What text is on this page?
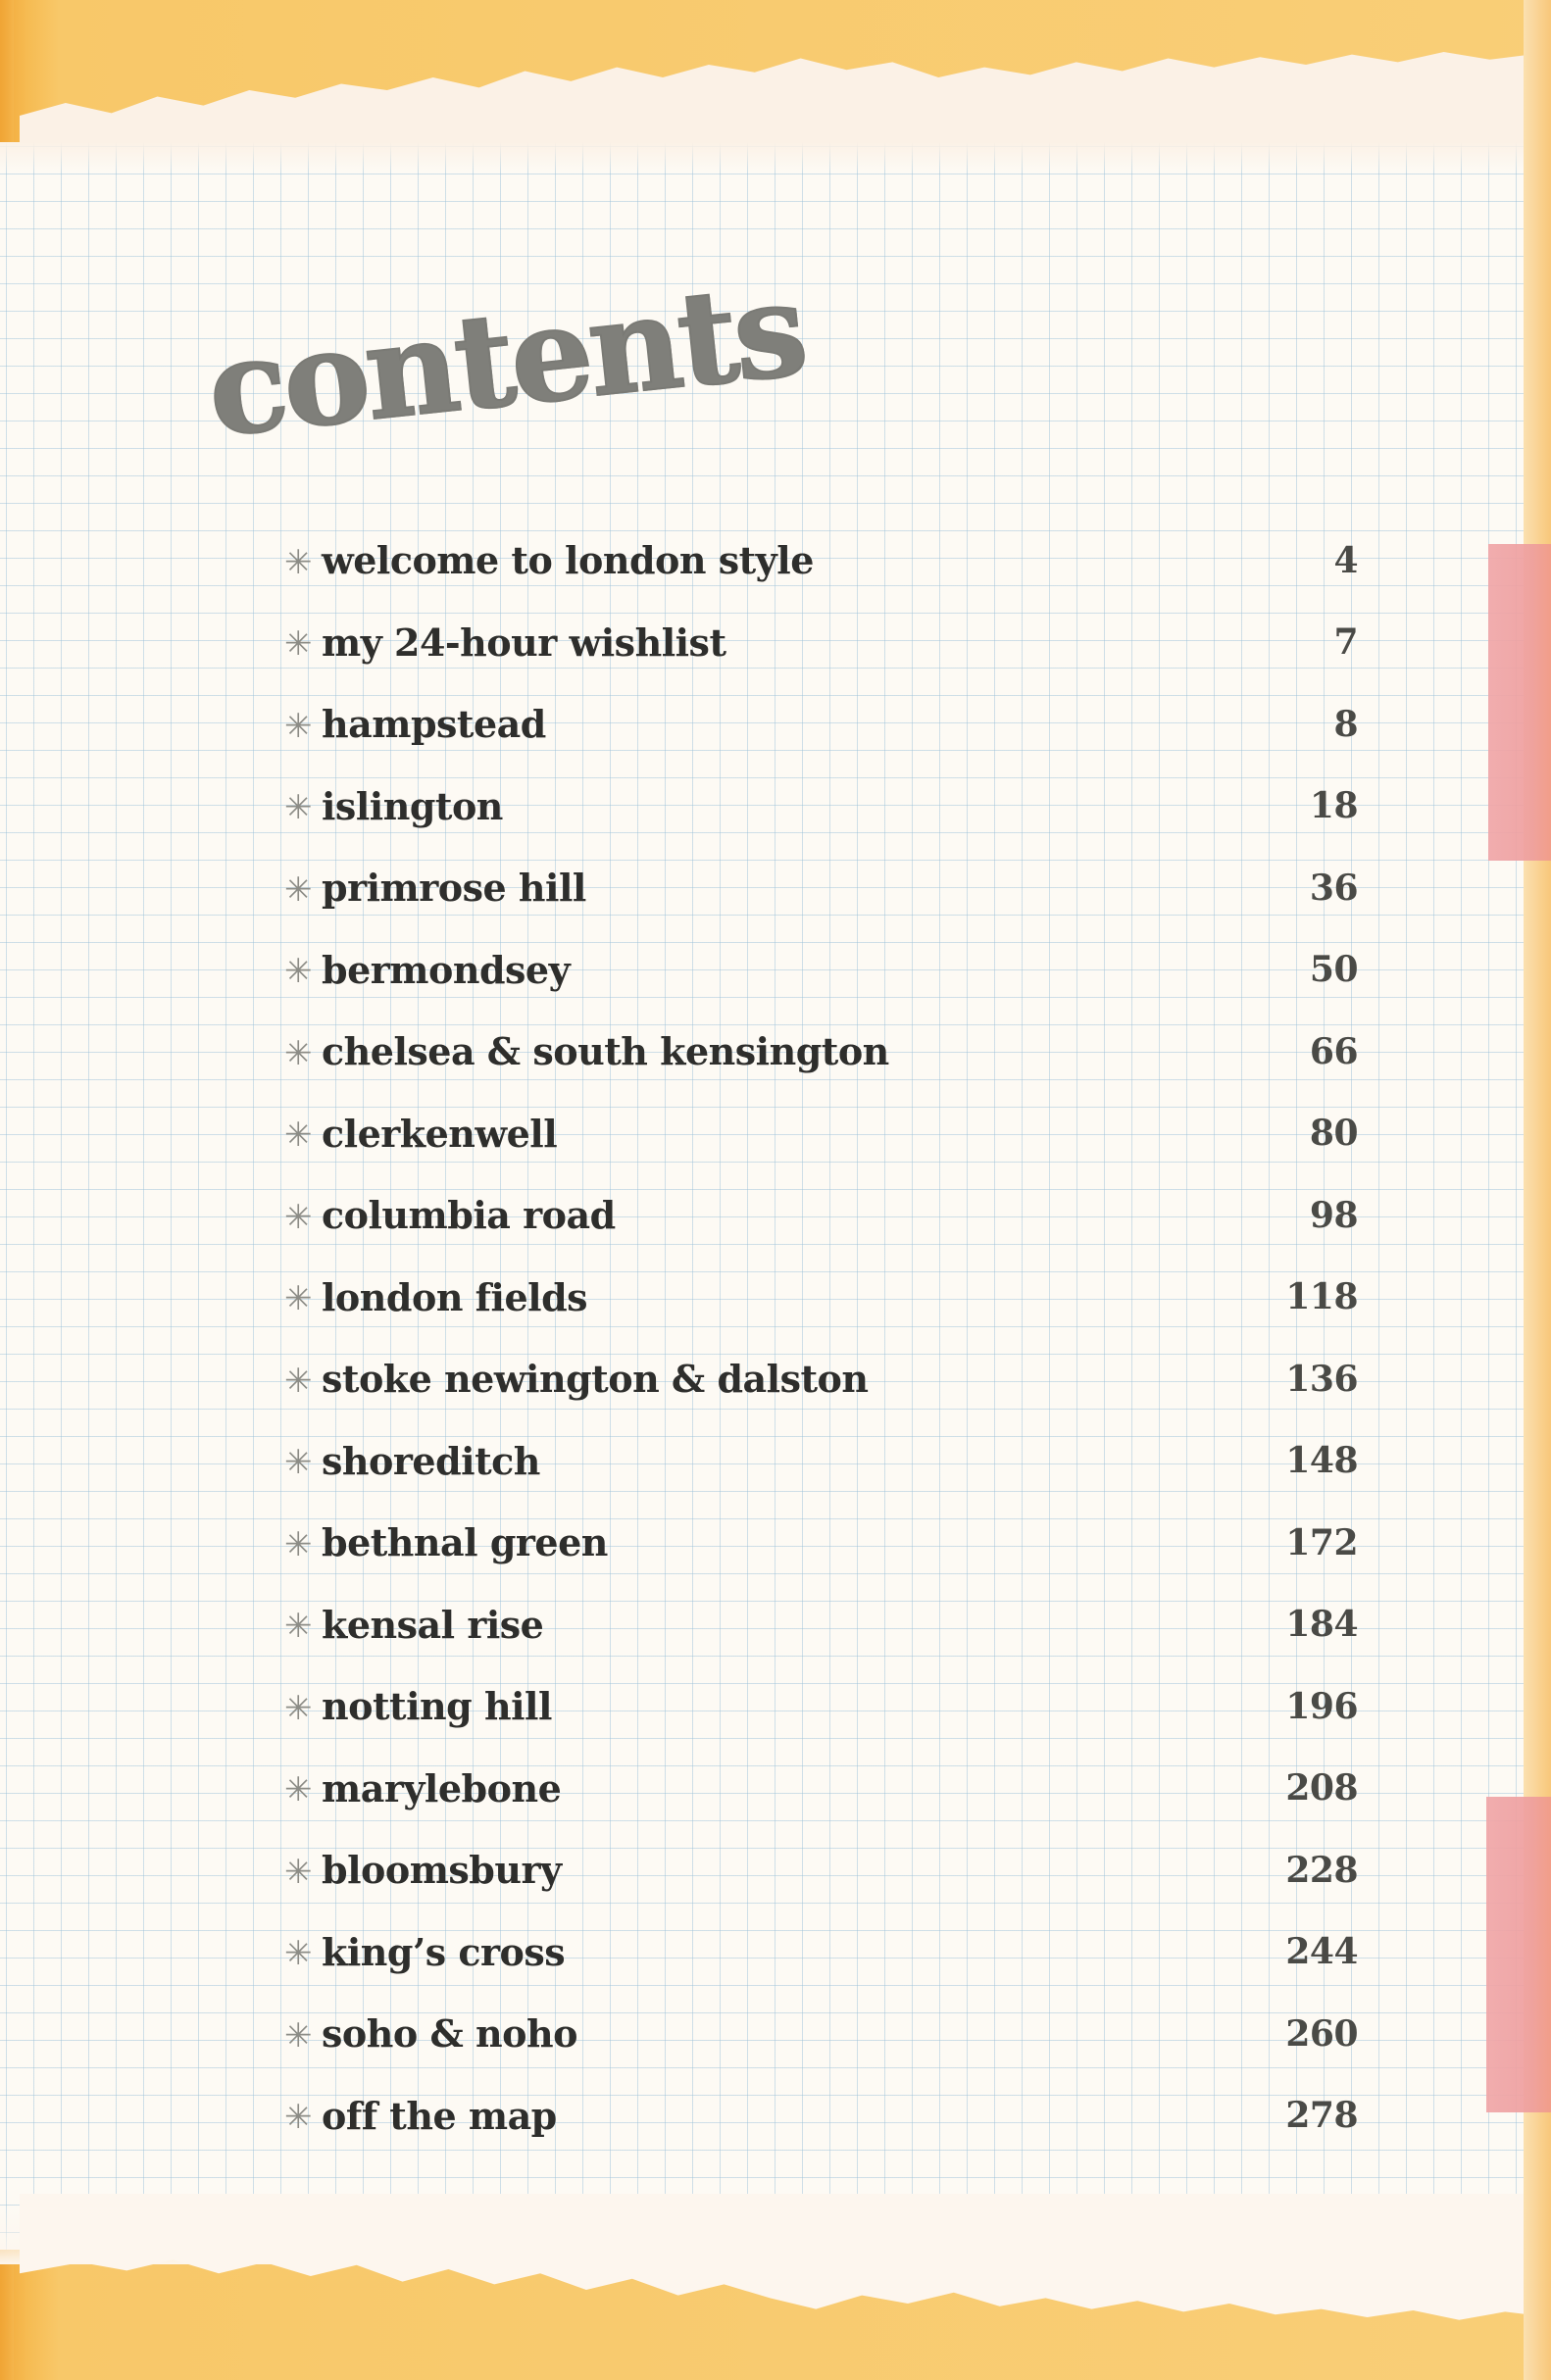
contents
✳ welcome to london style	4
✳ my 24-hour wishlist	7
✳ hampstead	8
✳ islington	18
✳ primrose hill	36
✳ bermondsey	50
✳ chelsea & south kensington	66
✳ clerkenwell	80
✳ columbia road	98
✳ london fields	118
✳ stoke newington & dalston	136
✳ shoreditch	148
✳ bethnal green	172
✳ kensal rise	184
✳ notting hill	196
✳ marylebone	208
✳ bloomsbury	228
✳ king’s cross	244
✳ soho & noho	260
✳ off the map	278
